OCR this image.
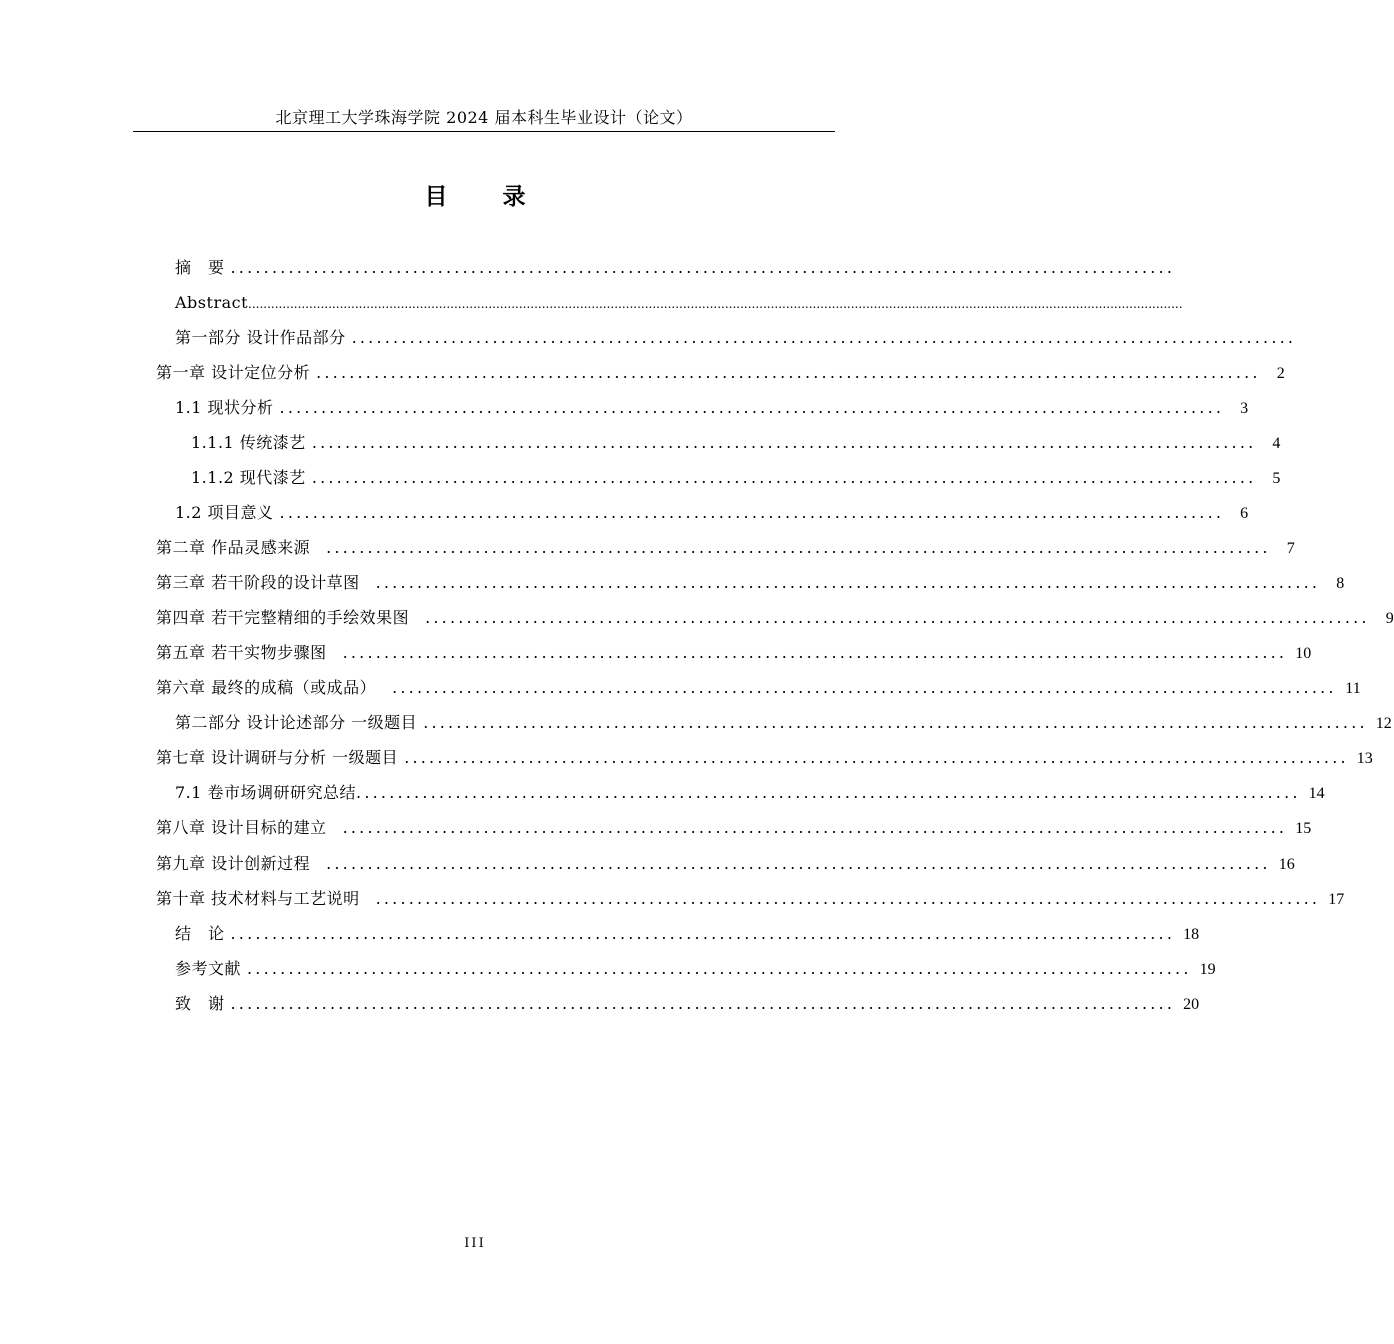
北京理工大学珠海学院 2024 届本科生毕业设计（论文）
目　录
摘　要 ..................................................................................................................
Abstract .....................................................................................................................................................................................................................................................
第一部分 设计作品部分 ..................................................................................................................
第一章 设计定位分析 ..................................................................................................................	2
1.1 现状分析 ..................................................................................................................	3
1.1.1 传统漆艺 ..................................................................................................................	4
1.1.2 现代漆艺 ..................................................................................................................	5
1.2 项目意义 ..................................................................................................................	6
第二章 作品灵感来源 ..................................................................................................................	7
第三章 若干阶段的设计草图 ..................................................................................................................	8
第四章 若干完整精细的手绘效果图 ..................................................................................................................	9
第五章 若干实物步骤图 .................................................................................................................. 10
第六章 最终的成稿（或成品） .................................................................................................................. 11
第二部分 设计论述部分 一级题目 .................................................................................................................. 12
第七章 设计调研与分析 一级题目 .................................................................................................................. 13
7.1 卷市场调研研究总结 .................................................................................................................. 14
第八章 设计目标的建立 .................................................................................................................. 15
第九章 设计创新过程 .................................................................................................................. 16
第十章 技术材料与工艺说明 .................................................................................................................. 17
结　论 .................................................................................................................. 18
参考文献 .................................................................................................................. 19
致　谢 .................................................................................................................. 20
III
